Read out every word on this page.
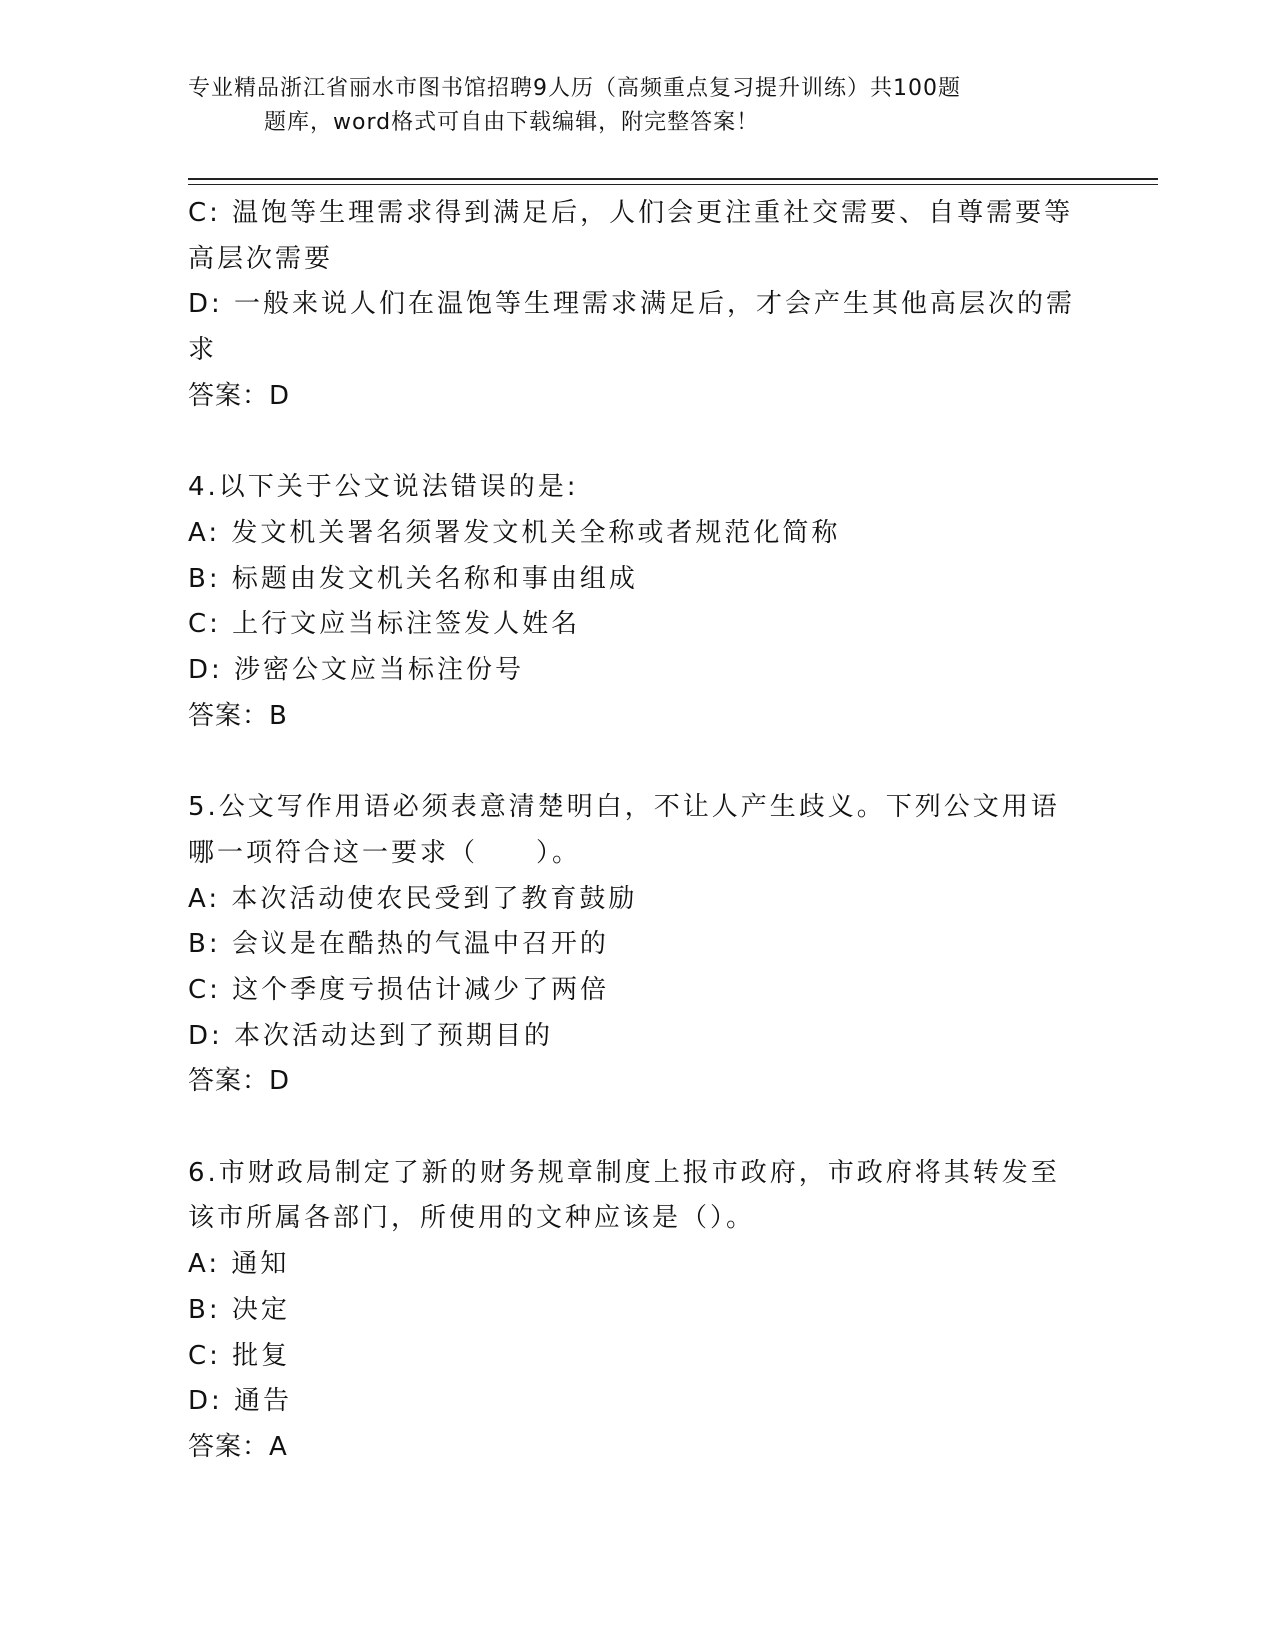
专业精品浙江省丽水市图书馆招聘9人历（高频重点复习提升训练）共100题
题库，word格式可自由下载编辑，附完整答案！

C: 温饱等生理需求得到满足后，人们会更注重社交需要、自尊需要等

高层次需要

D: 一般来说人们在温饱等生理需求满足后，才会产生其他高层次的需

求

答案：D

4.以下关于公文说法错误的是:

A: 发文机关署名须署发文机关全称或者规范化简称

B: 标题由发文机关名称和事由组成

C: 上行文应当标注签发人姓名

D: 涉密公文应当标注份号

答案：B

5.公文写作用语必须表意清楚明白，不让人产生歧义。下列公文用语

哪一项符合这一要求（　　）。

A: 本次活动使农民受到了教育鼓励

B: 会议是在酷热的气温中召开的

C: 这个季度亏损估计减少了两倍

D: 本次活动达到了预期目的

答案：D

6.市财政局制定了新的财务规章制度上报市政府，市政府将其转发至

该市所属各部门，所使用的文种应该是（）。

A: 通知

B: 决定

C: 批复

D: 通告

答案：A
